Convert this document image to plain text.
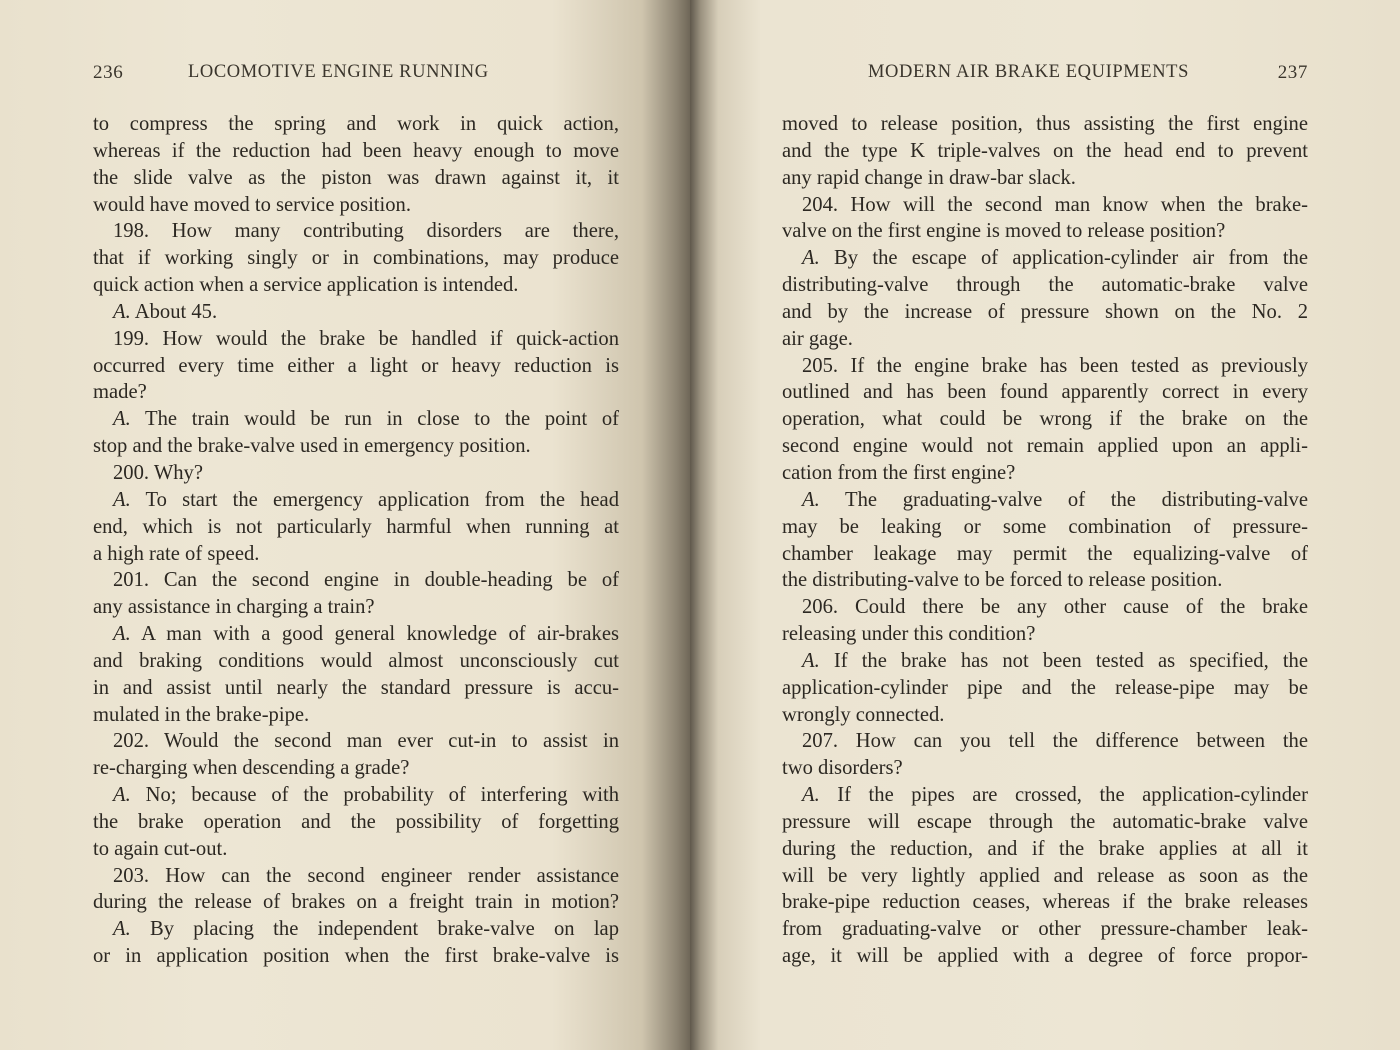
236	LOCOMOTIVE ENGINE RUNNING
to compress the spring and work in quick action,
whereas if the reduction had been heavy enough to move
the slide valve as the piston was drawn against it, it
would have moved to service position.
198. How many contributing disorders are there,
that if working singly or in combinations, may produce
quick action when a service application is intended.
A. About 45.
199. How would the brake be handled if quick-action
occurred every time either a light or heavy reduction is
made?
A. The train would be run in close to the point of
stop and the brake-valve used in emergency position.
200. Why?
A. To start the emergency application from the head
end, which is not particularly harmful when running at
a high rate of speed.
201. Can the second engine in double-heading be of
any assistance in charging a train?
A. A man with a good general knowledge of air-brakes
and braking conditions would almost unconsciously cut
in and assist until nearly the standard pressure is accu-
mulated in the brake-pipe.
202. Would the second man ever cut-in to assist in
re-charging when descending a grade?
A. No; because of the probability of interfering with
the brake operation and the possibility of forgetting
to again cut-out.
203. How can the second engineer render assistance
during the release of brakes on a freight train in motion?
A. By placing the independent brake-valve on lap
or in application position when the first brake-valve is
MODERN AIR BRAKE EQUIPMENTS	237
moved to release position, thus assisting the first engine
and the type K triple-valves on the head end to prevent
any rapid change in draw-bar slack.
204. How will the second man know when the brake-
valve on the first engine is moved to release position?
A. By the escape of application-cylinder air from the
distributing-valve through the automatic-brake valve
and by the increase of pressure shown on the No. 2
air gage.
205. If the engine brake has been tested as previously
outlined and has been found apparently correct in every
operation, what could be wrong if the brake on the
second engine would not remain applied upon an appli-
cation from the first engine?
A. The graduating-valve of the distributing-valve
may be leaking or some combination of pressure-
chamber leakage may permit the equalizing-valve of
the distributing-valve to be forced to release position.
206. Could there be any other cause of the brake
releasing under this condition?
A. If the brake has not been tested as specified, the
application-cylinder pipe and the release-pipe may be
wrongly connected.
207. How can you tell the difference between the
two disorders?
A. If the pipes are crossed, the application-cylinder
pressure will escape through the automatic-brake valve
during the reduction, and if the brake applies at all it
will be very lightly applied and release as soon as the
brake-pipe reduction ceases, whereas if the brake releases
from graduating-valve or other pressure-chamber leak-
age, it will be applied with a degree of force propor-
